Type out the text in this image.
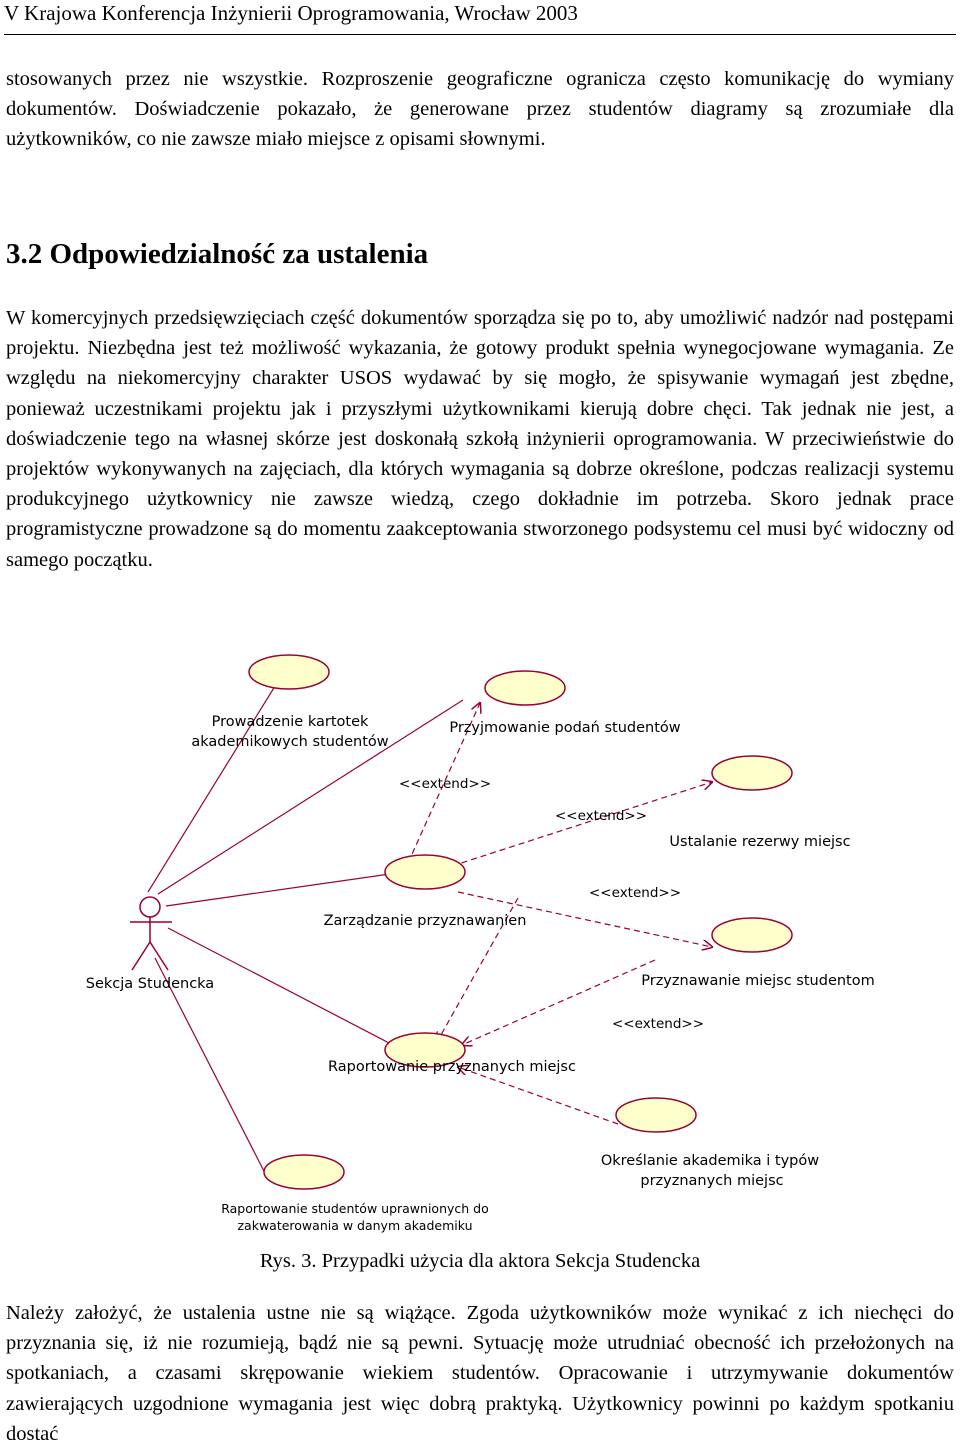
V Krajowa Konferencja Inżynierii Oprogramowania, Wrocław 2003

stosowanych przez nie wszystkie. Rozproszenie geograficzne ogranicza często komunikację do wymiany dokumentów. Doświadczenie pokazało, że generowane przez studentów diagramy są zrozumiałe dla użytkowników, co nie zawsze miało miejsce z opisami słownymi.

3.2 Odpowiedzialność za ustalenia

W komercyjnych przedsięwzięciach część dokumentów sporządza się po to, aby umożliwić nadzór nad postępami projektu. Niezbędna jest też możliwość wykazania, że gotowy produkt spełnia wynegocjowane wymagania. Ze względu na niekomercyjny charakter USOS wydawać by się mogło, że spisywanie wymagań jest zbędne, ponieważ uczestnikami projektu jak i przyszłymi użytkownikami kierują dobre chęci. Tak jednak nie jest, a doświadczenie tego na własnej skórze jest doskonałą szkołą inżynierii oprogramowania. W przeciwieństwie do projektów wykonywanych na zajęciach, dla których wymagania są dobrze określone, podczas realizacji systemu produkcyjnego użytkownicy nie zawsze wiedzą, czego dokładnie im potrzeba. Skoro jednak prace programistyczne prowadzone są do momentu zaakceptowania stworzonego podsystemu cel musi być widoczny od samego początku.

Sekcja Studencka
Prowadzenie kartotek
akademikowych studentów
Przyjmowanie podań studentów
Ustalanie rezerwy miejsc
Zarządzanie przyznawanien
Przyznawanie miejsc studentom
Raportowanie przyznanych miejsc
Określanie akademika i typów
przyznanych miejsc
Raportowanie studentów uprawnionych do
zakwaterowania w danym akademiku
<<extend>>
<<extend>>
<<extend>>
<<extend>>

Rys. 3. Przypadki użycia dla aktora Sekcja Studencka

Należy założyć, że ustalenia ustne nie są wiążące. Zgoda użytkowników może wynikać z ich niechęci do przyznania się, iż nie rozumieją, bądź nie są pewni. Sytuację może utrudniać obecność ich przełożonych na spotkaniach, a czasami skrępowanie wiekiem studentów. Opracowanie i utrzymywanie dokumentów zawierających uzgodnione wymagania jest więc dobrą praktyką. Użytkownicy powinni po każdym spotkaniu dostać
